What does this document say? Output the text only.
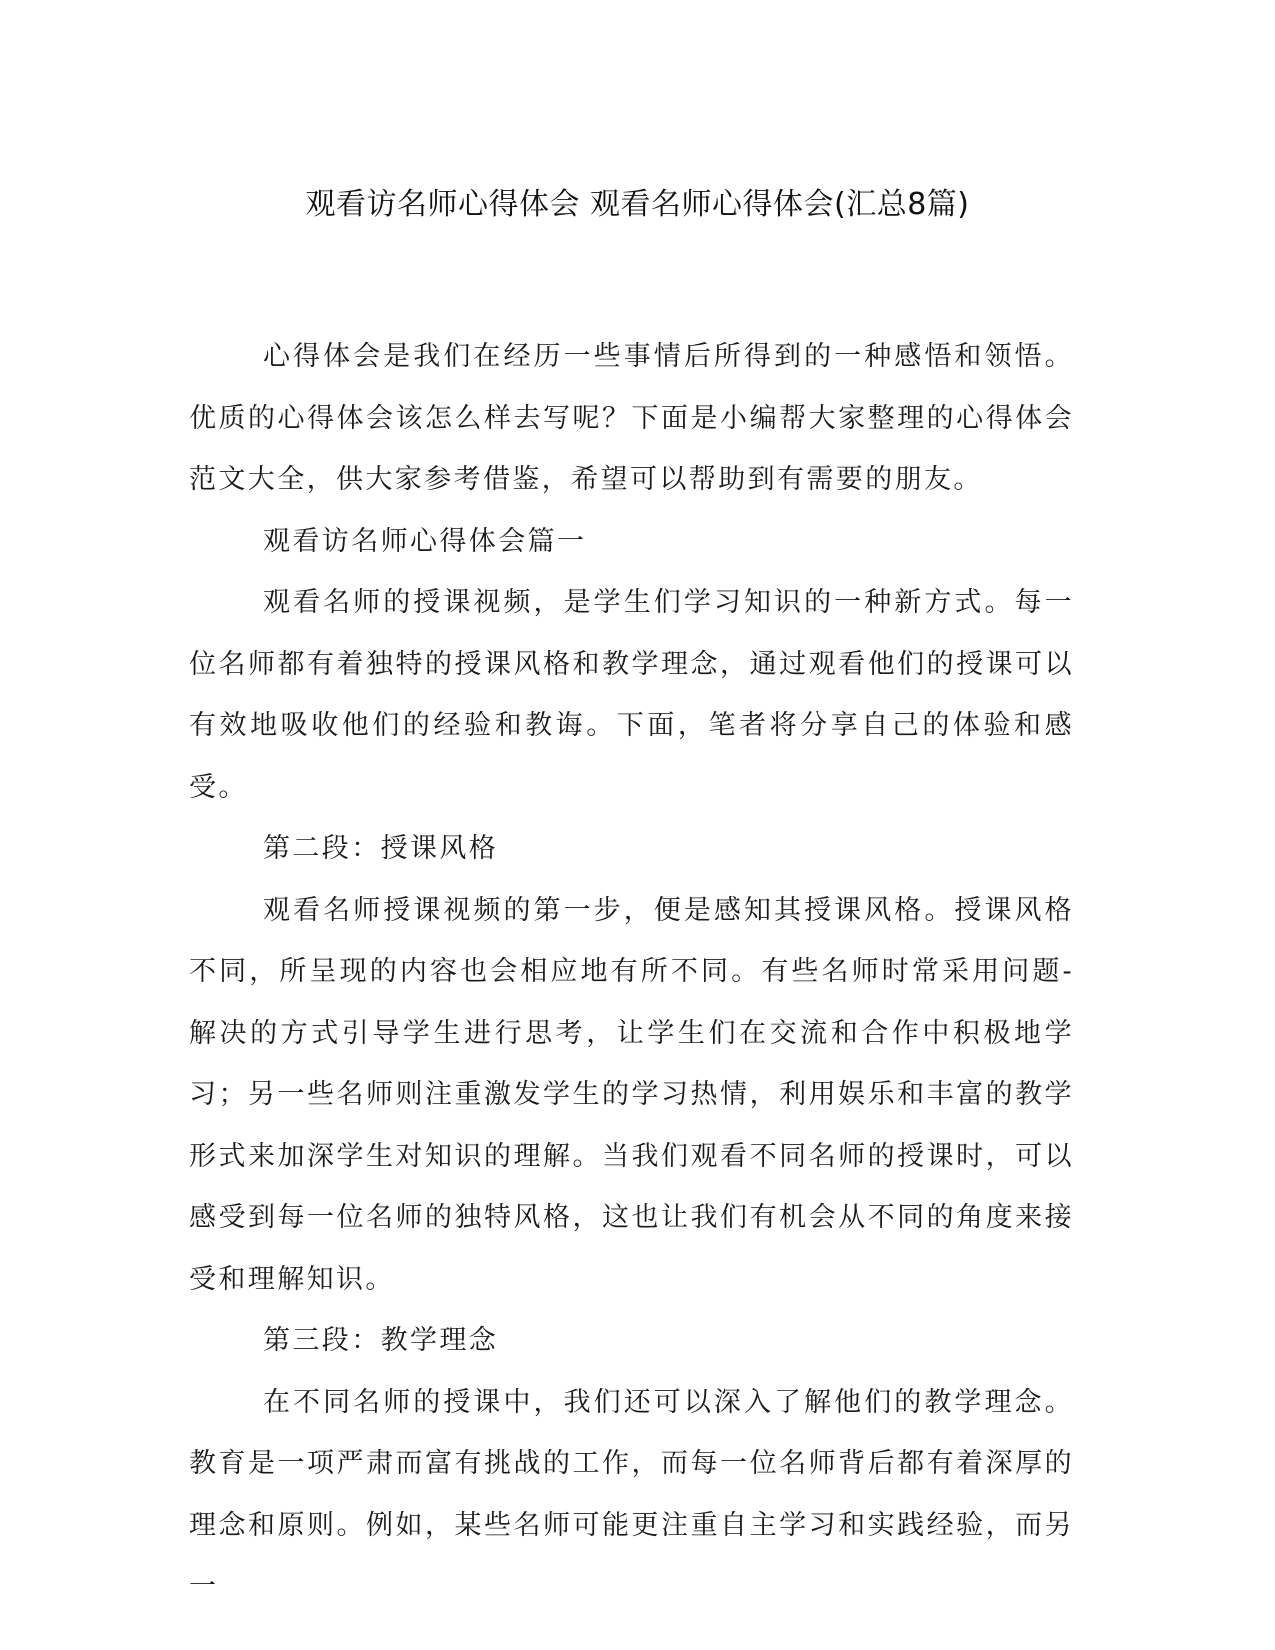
观看访名师心得体会 观看名师心得体会(汇总8篇)

心得体会是我们在经历一些事情后所得到的一种感悟和领悟。优质的心得体会该怎么样去写呢？下面是小编帮大家整理的心得体会范文大全，供大家参考借鉴，希望可以帮助到有需要的朋友。

观看访名师心得体会篇一

观看名师的授课视频，是学生们学习知识的一种新方式。每一位名师都有着独特的授课风格和教学理念，通过观看他们的授课可以有效地吸收他们的经验和教诲。下面，笔者将分享自己的体验和感受。

第二段：授课风格

观看名师授课视频的第一步，便是感知其授课风格。授课风格不同，所呈现的内容也会相应地有所不同。有些名师时常采用问题-解决的方式引导学生进行思考，让学生们在交流和合作中积极地学习；另一些名师则注重激发学生的学习热情，利用娱乐和丰富的教学形式来加深学生对知识的理解。当我们观看不同名师的授课时，可以感受到每一位名师的独特风格，这也让我们有机会从不同的角度来接受和理解知识。

第三段：教学理念

在不同名师的授课中，我们还可以深入了解他们的教学理念。教育是一项严肃而富有挑战的工作，而每一位名师背后都有着深厚的理念和原则。例如，某些名师可能更注重自主学习和实践经验，而另一
